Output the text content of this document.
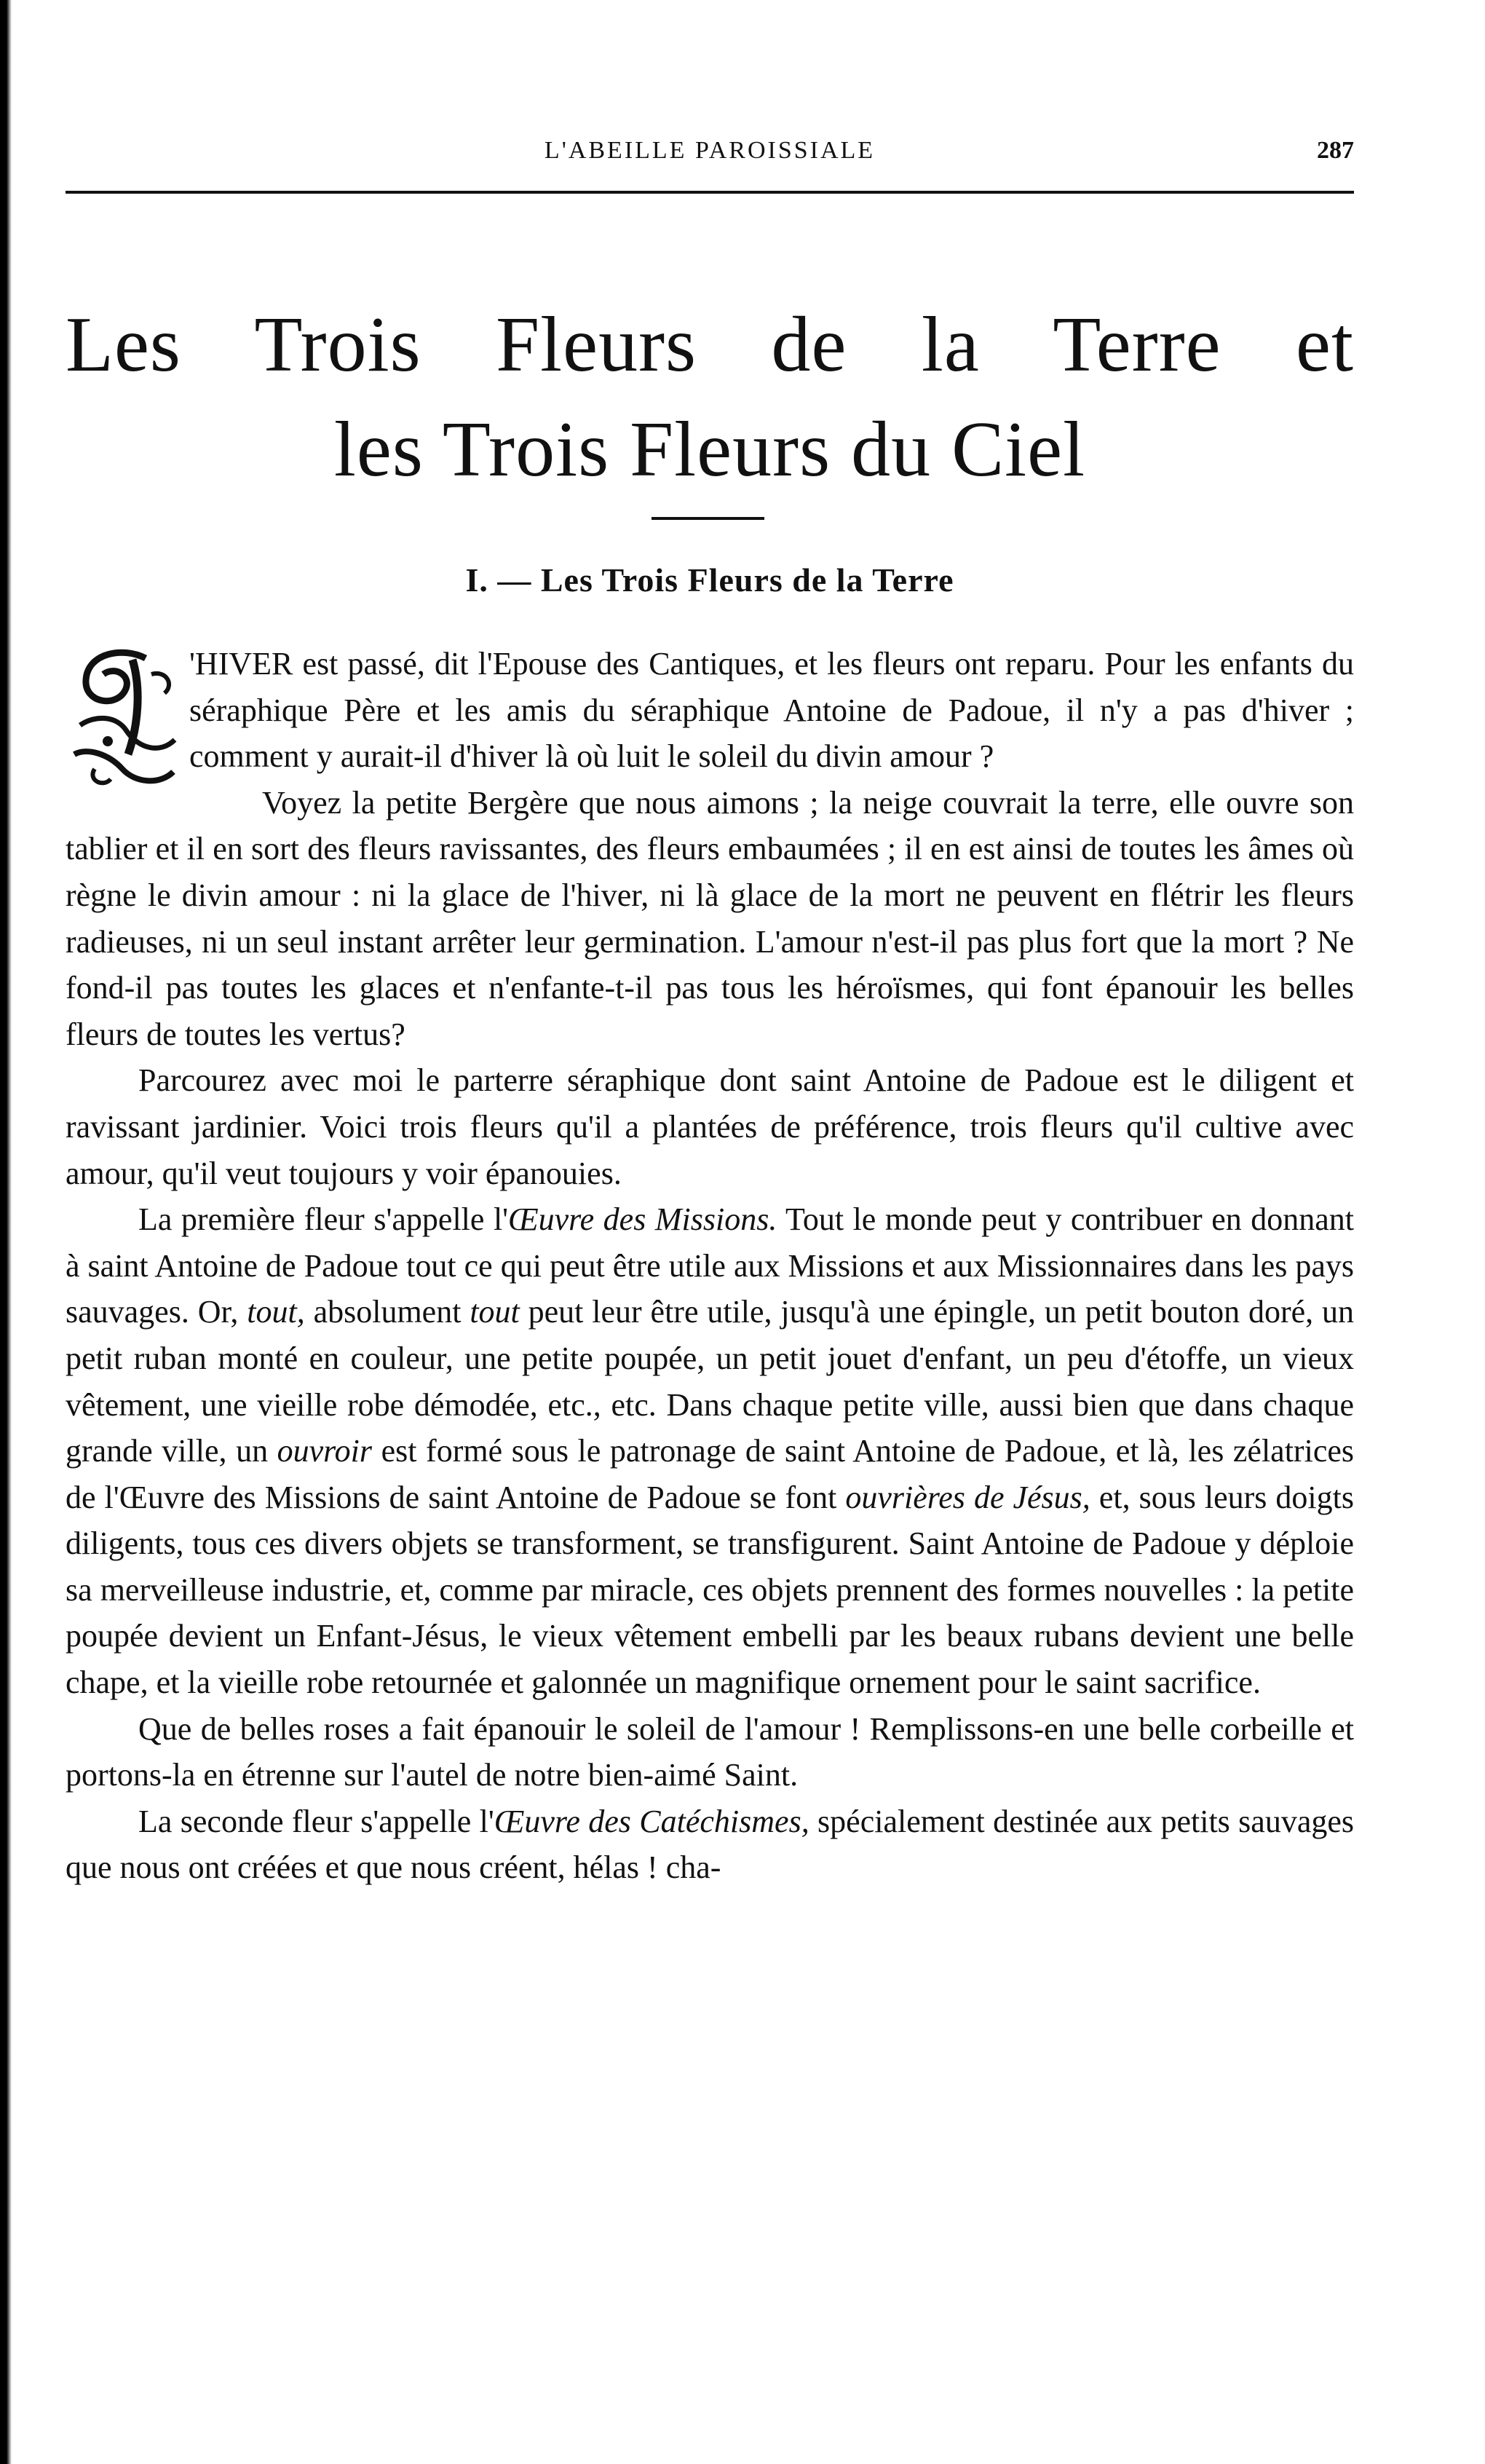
L'ABEILLE PAROISSIALE	287
Les Trois Fleurs de la Terre et
les Trois Fleurs du Ciel
I. — Les Trois Fleurs de la Terre

'HIVER est passé, dit l'Epouse des Cantiques, et les fleurs ont reparu. Pour les enfants du séraphique Père et les amis du séraphique Antoine de Padoue, il n'y a pas d'hiver ; comment y aurait-il d'hiver là où luit le soleil du divin amour ?

Voyez la petite Bergère que nous aimons ; la neige couvrait la terre, elle ouvre son tablier et il en sort des fleurs ravissantes, des fleurs embaumées ; il en est ainsi de toutes les âmes où règne le divin amour : ni la glace de l'hiver, ni là glace de la mort ne peuvent en flétrir les fleurs radieuses, ni un seul instant arrêter leur germination. L'amour n'est-il pas plus fort que la mort ? Ne fond-il pas toutes les glaces et n'enfante-t-il pas tous les héroïsmes, qui font épanouir les belles fleurs de toutes les vertus?

Parcourez avec moi le parterre séraphique dont saint Antoine de Padoue est le diligent et ravissant jardinier. Voici trois fleurs qu'il a plantées de préférence, trois fleurs qu'il cultive avec amour, qu'il veut toujours y voir épanouies.

La première fleur s'appelle l'Œuvre des Missions. Tout le monde peut y contribuer en donnant à saint Antoine de Padoue tout ce qui peut être utile aux Missions et aux Missionnaires dans les pays sauvages. Or, tout, absolument tout peut leur être utile, jusqu'à une épingle, un petit bouton doré, un petit ruban monté en couleur, une petite poupée, un petit jouet d'enfant, un peu d'étoffe, un vieux vêtement, une vieille robe démodée, etc., etc. Dans chaque petite ville, aussi bien que dans chaque grande ville, un ouvroir est formé sous le patronage de saint Antoine de Padoue, et là, les zélatrices de l'Œuvre des Missions de saint Antoine de Padoue se font ouvrières de Jésus, et, sous leurs doigts diligents, tous ces divers objets se transforment, se transfigurent. Saint Antoine de Padoue y déploie sa merveilleuse industrie, et, comme par miracle, ces objets prennent des formes nouvelles : la petite poupée devient un Enfant-Jésus, le vieux vêtement embelli par les beaux rubans devient une belle chape, et la vieille robe retournée et galonnée un magnifique ornement pour le saint sacrifice.

Que de belles roses a fait épanouir le soleil de l'amour ! Remplissons-en une belle corbeille et portons-la en étrenne sur l'autel de notre bien-aimé Saint.

La seconde fleur s'appelle l'Œuvre des Catéchismes, spécialement destinée aux petits sauvages que nous ont créées et que nous créent, hélas ! cha-
